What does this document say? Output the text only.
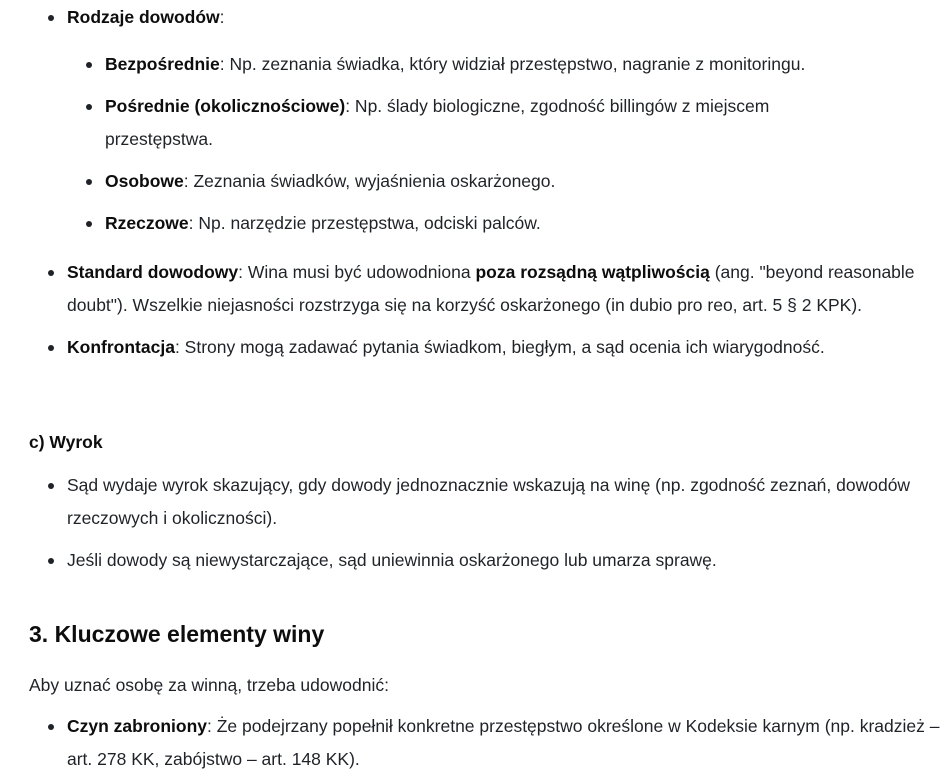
Rodzaje dowodów:
Bezpośrednie: Np. zeznania świadka, który widział przestępstwo, nagranie z monitoringu.
Pośrednie (okolicznościowe): Np. ślady biologiczne, zgodność billingów z miejscem przestępstwa.
Osobowe: Zeznania świadków, wyjaśnienia oskarżonego.
Rzeczowe: Np. narzędzie przestępstwa, odciski palców.
Standard dowodowy: Wina musi być udowodniona poza rozsądną wątpliwością (ang. "beyond reasonable doubt"). Wszelkie niejasności rozstrzyga się na korzyść oskarżonego (in dubio pro reo, art. 5 § 2 KPK).
Konfrontacja: Strony mogą zadawać pytania świadkom, biegłym, a sąd ocenia ich wiarygodność.
c) Wyrok
Sąd wydaje wyrok skazujący, gdy dowody jednoznacznie wskazują na winę (np. zgodność zeznań, dowodów rzeczowych i okoliczności).
Jeśli dowody są niewystarczające, sąd uniewinnia oskarżonego lub umarza sprawę.
3. Kluczowe elementy winy
Aby uznać osobę za winną, trzeba udowodnić:
Czyn zabroniony: Że podejrzany popełnił konkretne przestępstwo określone w Kodeksie karnym (np. kradzież – art. 278 KK, zabójstwo – art. 148 KK).
